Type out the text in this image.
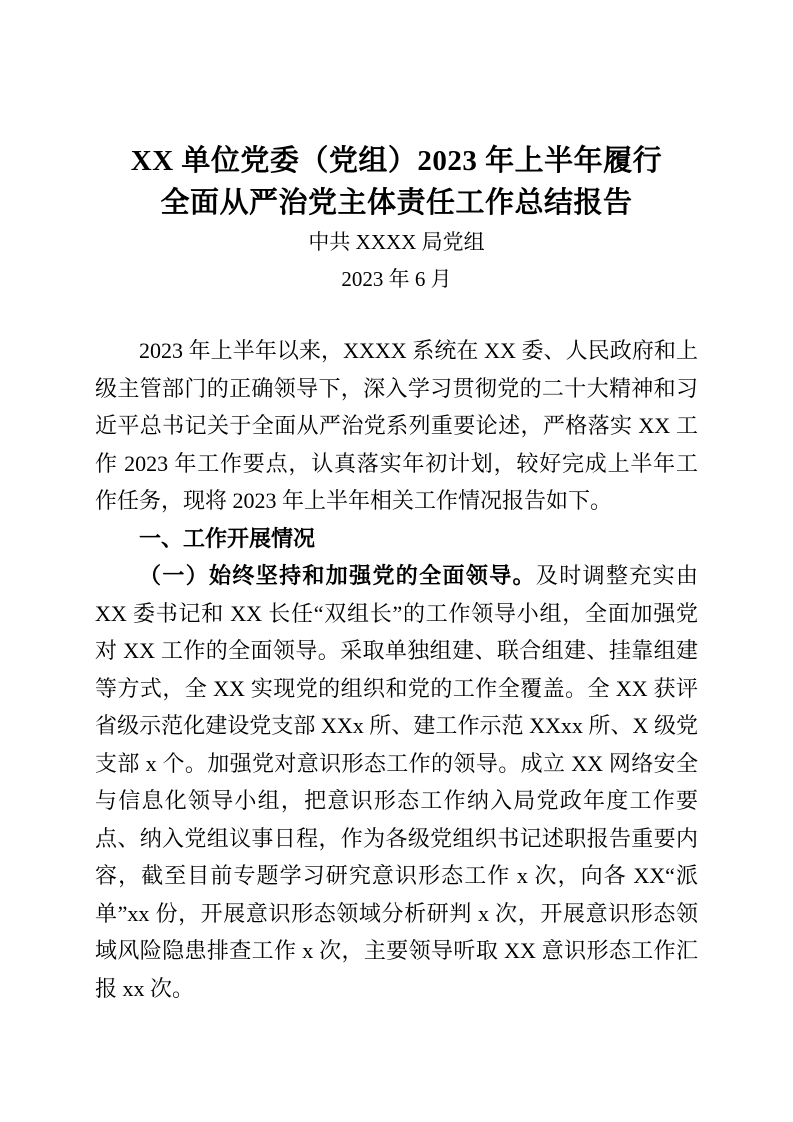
XX 单位党委（党组）2023 年上半年履行
全面从严治党主体责任工作总结报告
中共 XXXX 局党组
2023 年 6 月

2023 年上半年以来，XXXX 系统在 XX 委、人民政府和上级主管部门的正确领导下，深入学习贯彻党的二十大精神和习近平总书记关于全面从严治党系列重要论述，严格落实 XX 工作 2023 年工作要点，认真落实年初计划，较好完成上半年工作任务，现将 2023 年上半年相关工作情况报告如下。

一、工作开展情况

（一）始终坚持和加强党的全面领导。及时调整充实由 XX 委书记和 XX 长任“双组长”的工作领导小组，全面加强党对 XX 工作的全面领导。采取单独组建、联合组建、挂靠组建等方式，全 XX 实现党的组织和党的工作全覆盖。全 XX 获评省级示范化建设党支部 XXx 所、建工作示范 XXxx 所、X 级党支部 x 个。加强党对意识形态工作的领导。成立 XX 网络安全与信息化领导小组，把意识形态工作纳入局党政年度工作要点、纳入党组议事日程，作为各级党组织书记述职报告重要内容，截至目前专题学习研究意识形态工作 x 次，向各 XX“派单”xx 份，开展意识形态领域分析研判 x 次，开展意识形态领域风险隐患排查工作 x 次，主要领导听取 XX 意识形态工作汇报 xx 次。
